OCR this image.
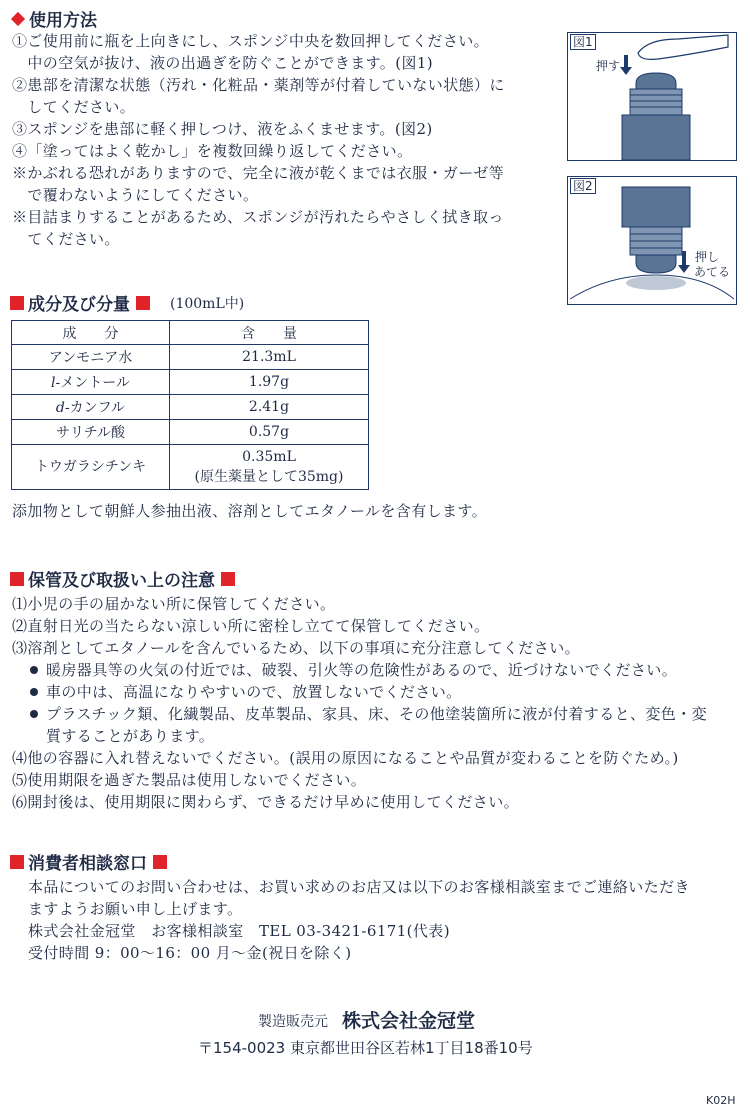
使用方法
①ご使用前に瓶を上向きにし、スポンジ中央を数回押してください。
　中の空気が抜け、液の出過ぎを防ぐことができます。(図1)
②患部を清潔な状態（汚れ・化粧品・薬剤等が付着していない状態）に
　してください。
③スポンジを患部に軽く押しつけ、液をふくませます。(図2)
④「塗ってはよく乾かし」を複数回繰り返してください。
※かぶれる恐れがありますので、完全に液が乾くまでは衣服・ガーゼ等
　で覆わないようにしてください。
※目詰まりすることがあるため、スポンジが汚れたらやさしく拭き取っ
　てください。
図1
押す
図2
押し
あてる
成分及び分量	(100mL中)
成　　分	含　　量
アンモニア水	21.3mL
l-メントール	1.97g
d-カンフル	2.41g
サリチル酸	0.57g
トウガラシチンキ	0.35mL
(原生薬量として35mg)
添加物として朝鮮人参抽出液、溶剤としてエタノールを含有します。
保管及び取扱い上の注意
⑴小児の手の届かない所に保管してください。
⑵直射日光の当たらない涼しい所に密栓し立てて保管してください。
⑶溶剤としてエタノールを含んでいるため、以下の事項に充分注意してください。
暖房器具等の火気の付近では、破裂、引火等の危険性があるので、近づけないでください。
車の中は、高温になりやすいので、放置しないでください。
プラスチック類、化繊製品、皮革製品、家具、床、その他塗装箇所に液が付着すると、変色・変
質することがあります。
⑷他の容器に入れ替えないでください。(誤用の原因になることや品質が変わることを防ぐため。)
⑸使用期限を過ぎた製品は使用しないでください。
⑹開封後は、使用期限に関わらず、できるだけ早めに使用してください。
消費者相談窓口
本品についてのお問い合わせは、お買い求めのお店又は以下のお客様相談室までご連絡いただき
ますようお願い申し上げます。
株式会社金冠堂　お客様相談室　TEL 03-3421-6171(代表)
受付時間 9：00〜16：00 月〜金(祝日を除く)
製造販売元 株式会社金冠堂
〒154-0023 東京都世田谷区若林1丁目18番10号
K02H
